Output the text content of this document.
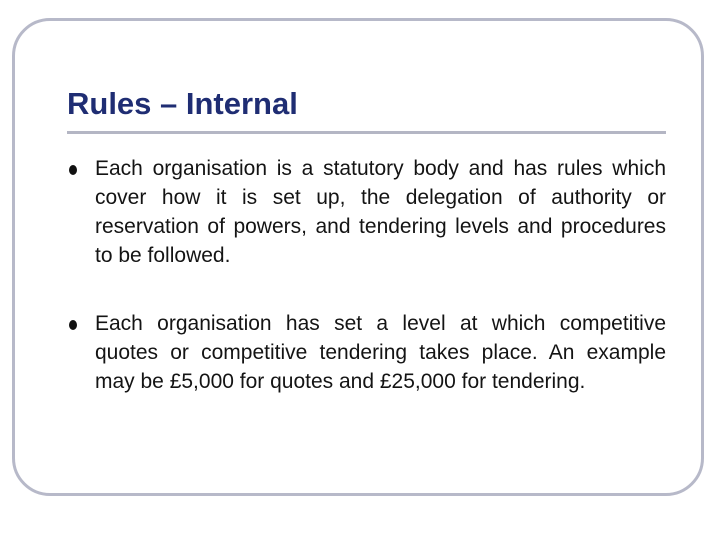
Rules – Internal
Each organisation is a statutory body and has rules which cover how it is set up, the delegation of authority or reservation of powers, and tendering levels and procedures to be followed.
Each organisation has set a level at which competitive quotes or competitive tendering takes place. An example may be £5,000 for quotes and £25,000 for tendering.
